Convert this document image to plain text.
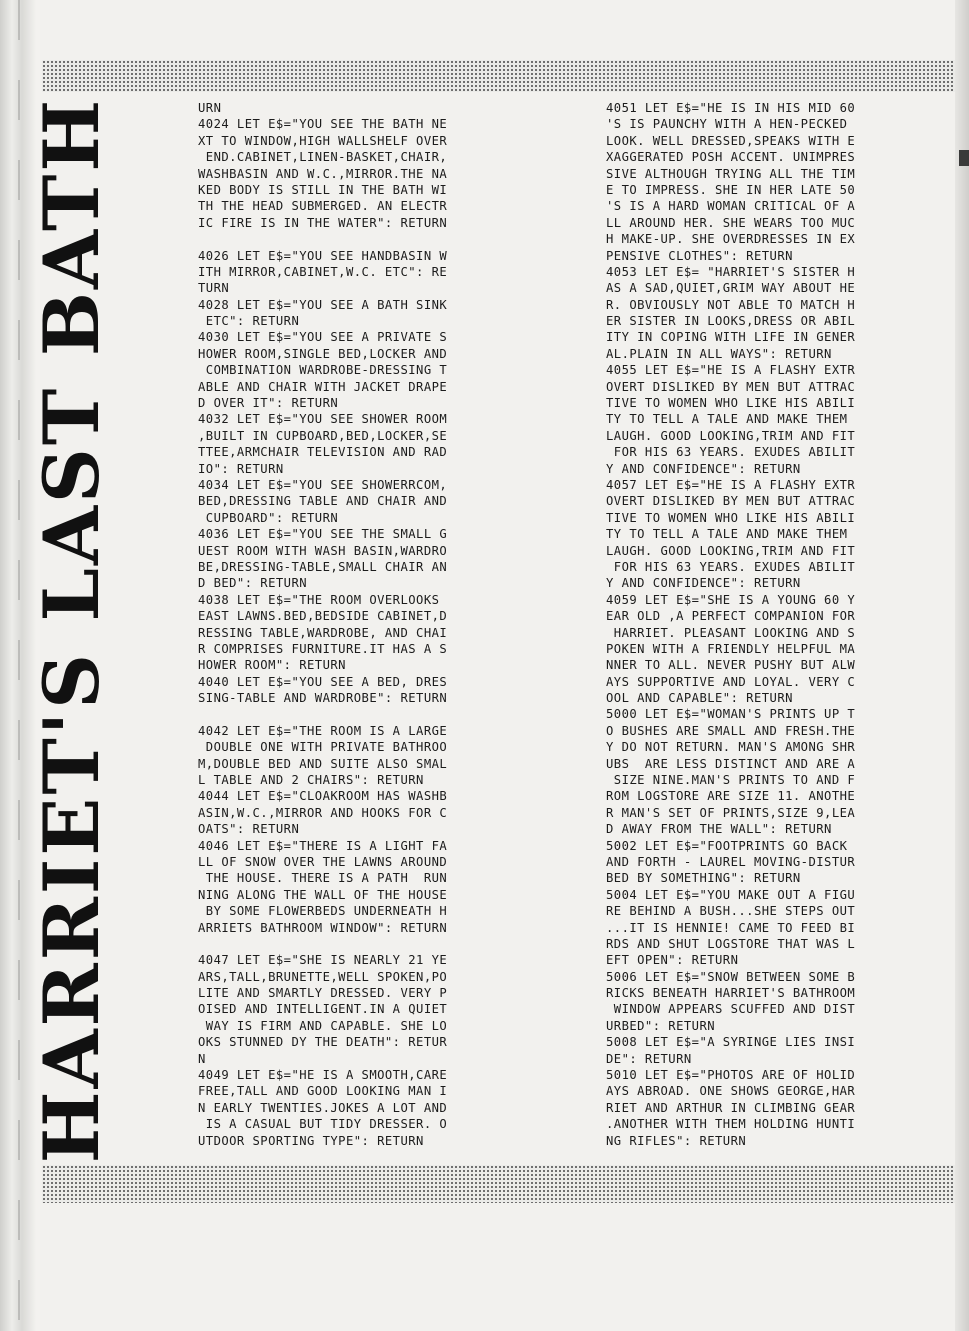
HARRIET'S LAST BATH	URN
4024 LET E$="YOU SEE THE BATH NE
XT TO WINDOW,HIGH WALLSHELF OVER
END.CABINET,LINEN-BASKET,CHAIR,
WASHBASIN AND W.C.,MIRROR.THE NA
KED BODY IS STILL IN THE BATH WI
TH THE HEAD SUBMERGED. AN ELECTR
IC FIRE IS IN THE WATER": RETURN
4026 LET E$="YOU SEE HANDBASIN W
ITH MIRROR,CABINET,W.C. ETC": RE
TURN
4028 LET E$="YOU SEE A BATH SINK
ETC": RETURN
4030 LET E$="YOU SEE A PRIVATE S
HOWER ROOM,SINGLE BED,LOCKER AND
COMBINATION WARDROBE-DRESSING T
ABLE AND CHAIR WITH JACKET DRAPE
D OVER IT": RETURN
4032 LET E$="YOU SEE SHOWER ROOM
,BUILT IN CUPBOARD,BED,LOCKER,SE
TTEE,ARMCHAIR TELEVISION AND RAD
IO": RETURN
4034 LET E$="YOU SEE SHOWERRCOM,
BED,DRESSING TABLE AND CHAIR AND
CUPBOARD": RETURN
4036 LET E$="YOU SEE THE SMALL G
UEST ROOM WITH WASH BASIN,WARDRO
BE,DRESSING-TABLE,SMALL CHAIR AN
D BED": RETURN
4038 LET E$="THE ROOM OVERLOOKS
EAST LAWNS.BED,BEDSIDE CABINET,D
RESSING TABLE,WARDROBE, AND CHAI
R COMPRISES FURNITURE.IT HAS A S
HOWER ROOM": RETURN
4040 LET E$="YOU SEE A BED, DRES
SING-TABLE AND WARDROBE": RETURN
4042 LET E$="THE ROOM IS A LARGE
DOUBLE ONE WITH PRIVATE BATHROO
M,DOUBLE BED AND SUITE ALSO SMAL
L TABLE AND 2 CHAIRS": RETURN
4044 LET E$="CLOAKROOM HAS WASHB
ASIN,W.C.,MIRROR AND HOOKS FOR C
OATS": RETURN
4046 LET E$="THERE IS A LIGHT FA
LL OF SNOW OVER THE LAWNS AROUND
THE HOUSE. THERE IS A PATH  RUN
NING ALONG THE WALL OF THE HOUSE
BY SOME FLOWERBEDS UNDERNEATH H
ARRIETS BATHROOM WINDOW": RETURN
4047 LET E$="SHE IS NEARLY 21 YE
ARS,TALL,BRUNETTE,WELL SPOKEN,PO
LITE AND SMARTLY DRESSED. VERY P
OISED AND INTELLIGENT.IN A QUIET
WAY IS FIRM AND CAPABLE. SHE LO
OKS STUNNED DY THE DEATH": RETUR
N
4049 LET E$="HE IS A SMOOTH,CARE
FREE,TALL AND GOOD LOOKING MAN I
N EARLY TWENTIES.JOKES A LOT AND
IS A CASUAL BUT TIDY DRESSER. O
UTDOOR SPORTING TYPE": RETURN
4051 LET E$="HE IS IN HIS MID 60
'S IS PAUNCHY WITH A HEN-PECKED
LOOK. WELL DRESSED,SPEAKS WITH E
XAGGERATED POSH ACCENT. UNIMPRES
SIVE ALTHOUGH TRYING ALL THE TIM
E TO IMPRESS. SHE IN HER LATE 50
'S IS A HARD WOMAN CRITICAL OF A
LL AROUND HER. SHE WEARS TOO MUC
H MAKE-UP. SHE OVERDRESSES IN EX
PENSIVE CLOTHES": RETURN
4053 LET E$= "HARRIET'S SISTER H
AS A SAD,QUIET,GRIM WAY ABOUT HE
R. OBVIOUSLY NOT ABLE TO MATCH H
ER SISTER IN LOOKS,DRESS OR ABIL
ITY IN COPING WITH LIFE IN GENER
AL.PLAIN IN ALL WAYS": RETURN
4055 LET E$="HE IS A FLASHY EXTR
OVERT DISLIKED BY MEN BUT ATTRAC
TIVE TO WOMEN WHO LIKE HIS ABILI
TY TO TELL A TALE AND MAKE THEM
LAUGH. GOOD LOOKING,TRIM AND FIT
FOR HIS 63 YEARS. EXUDES ABILIT
Y AND CONFIDENCE": RETURN
4057 LET E$="HE IS A FLASHY EXTR
OVERT DISLIKED BY MEN BUT ATTRAC
TIVE TO WOMEN WHO LIKE HIS ABILI
TY TO TELL A TALE AND MAKE THEM
LAUGH. GOOD LOOKING,TRIM AND FIT
FOR HIS 63 YEARS. EXUDES ABILIT
Y AND CONFIDENCE": RETURN
4059 LET E$="SHE IS A YOUNG 60 Y
EAR OLD ,A PERFECT COMPANION FOR
HARRIET. PLEASANT LOOKING AND S
POKEN WITH A FRIENDLY HELPFUL MA
NNER TO ALL. NEVER PUSHY BUT ALW
AYS SUPPORTIVE AND LOYAL. VERY C
OOL AND CAPABLE": RETURN
5000 LET E$="WOMAN'S PRINTS UP T
O BUSHES ARE SMALL AND FRESH.THE
Y DO NOT RETURN. MAN'S AMONG SHR
UBS  ARE LESS DISTINCT AND ARE A
SIZE NINE.MAN'S PRINTS TO AND F
ROM LOGSTORE ARE SIZE 11. ANOTHE
R MAN'S SET OF PRINTS,SIZE 9,LEA
D AWAY FROM THE WALL": RETURN
5002 LET E$="FOOTPRINTS GO BACK
AND FORTH - LAUREL MOVING-DISTUR
BED BY SOMETHING": RETURN
5004 LET E$="YOU MAKE OUT A FIGU
RE BEHIND A BUSH...SHE STEPS OUT
...IT IS HENNIE! CAME TO FEED BI
RDS AND SHUT LOGSTORE THAT WAS L
EFT OPEN": RETURN
5006 LET E$="SNOW BETWEEN SOME B
RICKS BENEATH HARRIET'S BATHROOM
WINDOW APPEARS SCUFFED AND DIST
URBED": RETURN
5008 LET E$="A SYRINGE LIES INSI
DE": RETURN
5010 LET E$="PHOTOS ARE OF HOLID
AYS ABROAD. ONE SHOWS GEORGE,HAR
RIET AND ARTHUR IN CLIMBING GEAR
.ANOTHER WITH THEM HOLDING HUNTI
NG RIFLES": RETURN
